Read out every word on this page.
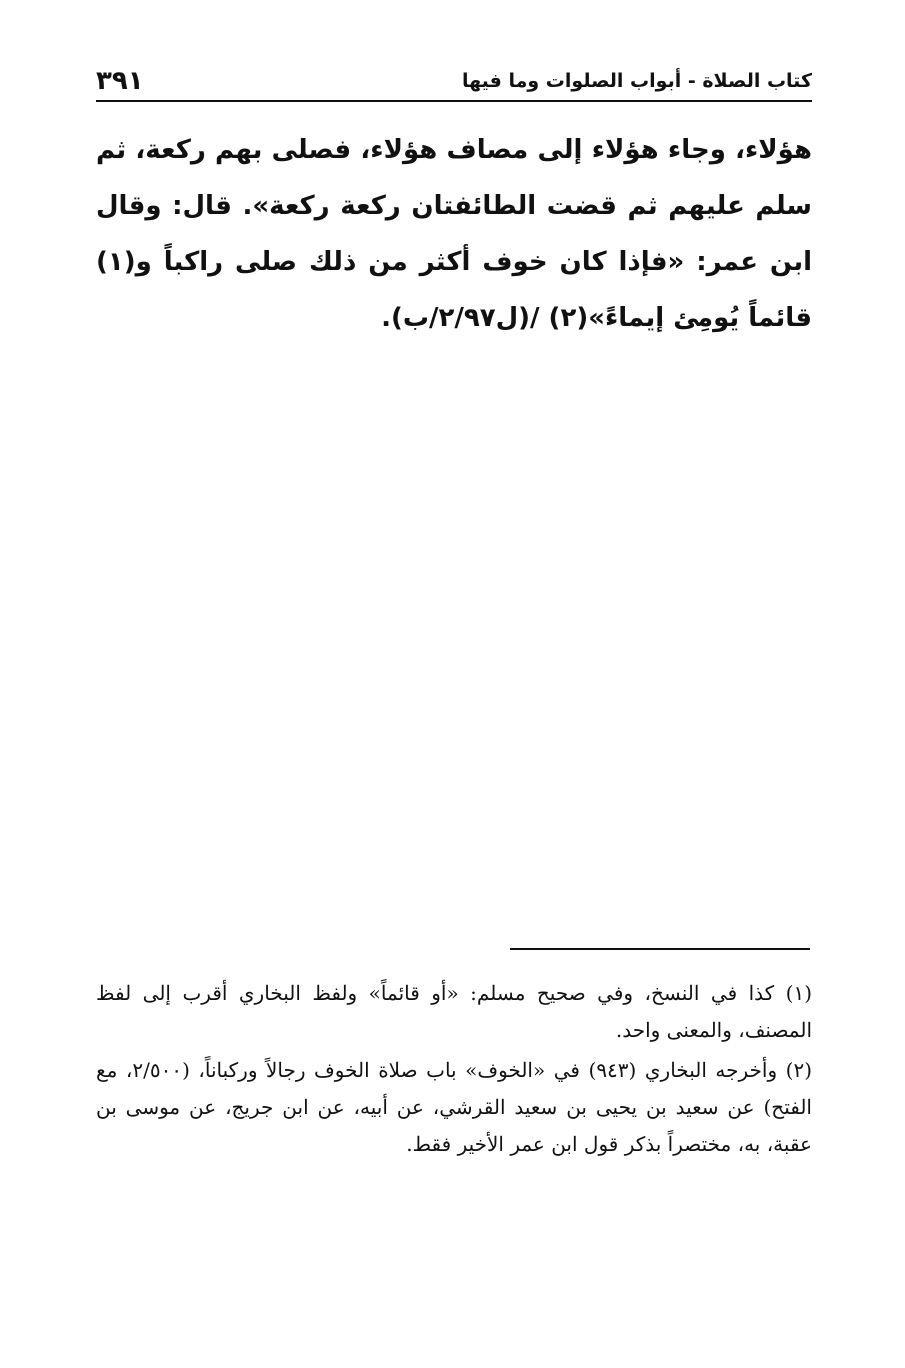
٣٩١	كتاب الصلاة - أبواب الصلوات وما فيها

هؤلاء، وجاء هؤلاء إلى مصاف هؤلاء، فصلى بهم ركعة، ثم سلم عليهم ثم قضت الطائفتان ركعة ركعة». قال: وقال ابن عمر: «فإذا كان خوف أكثر من ذلك صلى راكباً و(١) قائماً يُومِئ إيماءً»(٢) /(ل٢/٩٧/ب).

(١) كذا في النسخ، وفي صحيح مسلم: «أو قائماً» ولفظ البخاري أقرب إلى لفظ المصنف، والمعنى واحد.

(٢) وأخرجه البخاري (٩٤٣) في «الخوف» باب صلاة الخوف رجالاً وركباناً، (٢/٥٠٠، مع الفتح) عن سعيد بن يحيى بن سعيد القرشي، عن أبيه، عن ابن جريج، عن موسى بن عقبة، به، مختصراً بذكر قول ابن عمر الأخير فقط.
